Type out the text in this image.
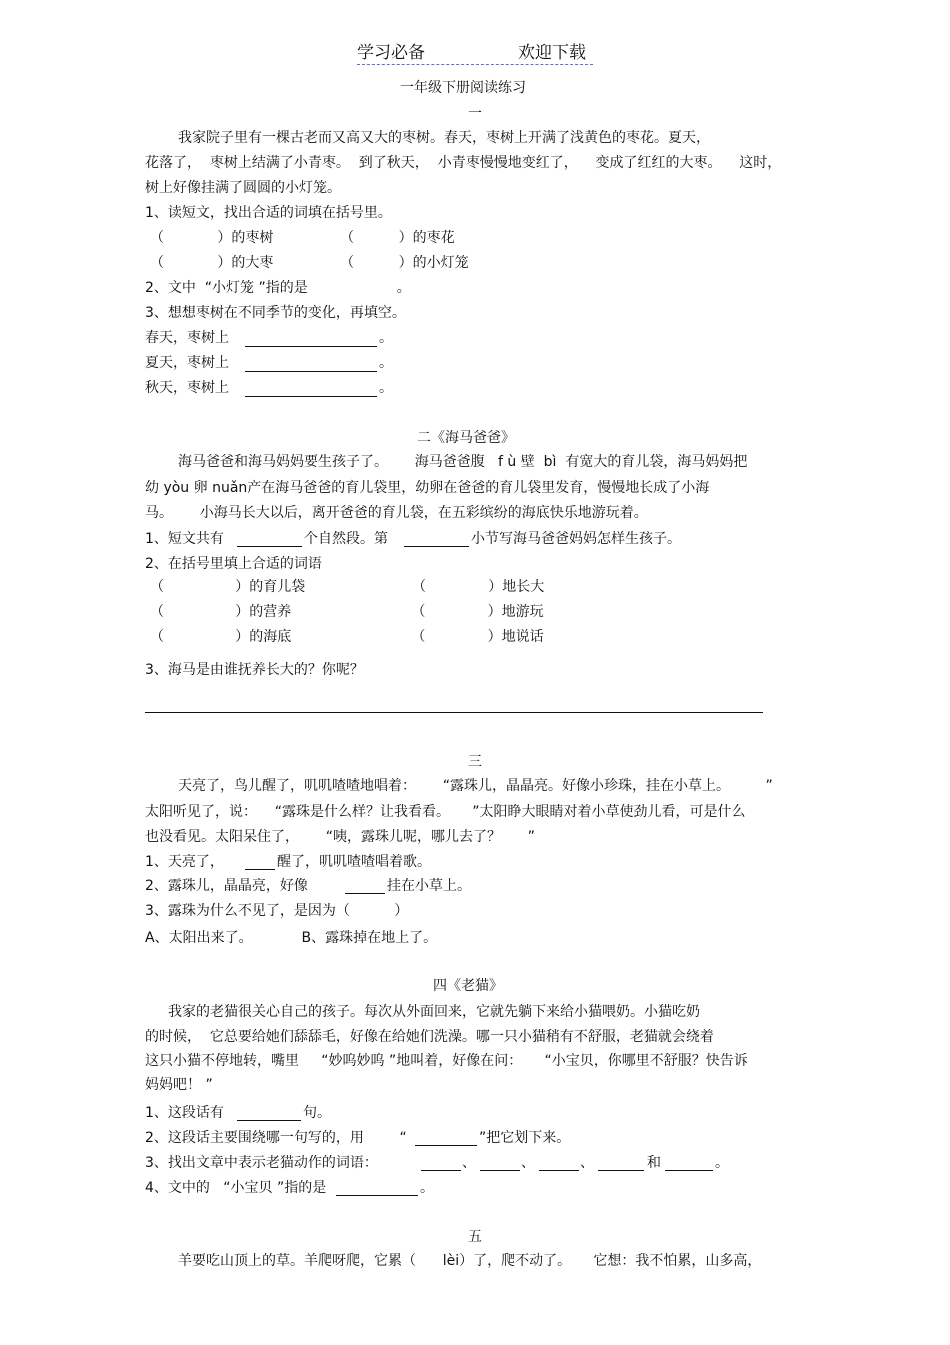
学习必备	欢迎下载
一年级下册阅读练习
一
我家院子里有一棵古老而又高又大的枣树。春天，枣树上开满了浅黄色的枣花。夏天，
花落了，  枣树上结满了小青枣。  到了秋天，  小青枣慢慢地变红了，    变成了红红的大枣。    这时，
树上好像挂满了圆圆的小灯笼。
1、读短文，找出合适的词填在括号里。
（            ）的枣树               （          ）的枣花
（            ）的大枣               （          ）的小灯笼
2、文中  “小灯笼 ”指的是                    。
3、想想枣树在不同季节的变化，再填空。
春天，枣树上	。
夏天，枣树上	。
秋天，枣树上	。
二《海马爸爸》
海马爸爸和海马妈妈要生孩子了。      海马爸爸腹   f ù 壁  bì  有宽大的育儿袋，海马妈妈把
幼 yòu 卵 nuǎn产在海马爸爸的育儿袋里，幼卵在爸爸的育儿袋里发育，慢慢地长成了小海
马。      小海马长大以后，离开爸爸的育儿袋，在五彩缤纷的海底快乐地游玩着。
1、短文共有	个自然段。第	小节写海马爸爸妈妈怎样生孩子。
2、在括号里填上合适的词语
（                ）的育儿袋                        （              ）地长大
（                ）的营养                           （              ）地游玩
（                ）的海底                           （              ）地说话
3、海马是由谁抚养长大的？你呢？
三
天亮了，鸟儿醒了，叽叽喳喳地唱着：      “露珠儿，晶晶亮。好像小珍珠，挂在小草上。        ”
太阳听见了，说：    “露珠是什么样？让我看看。     ”太阳睁大眼睛对着小草使劲儿看，可是什么
也没看见。太阳呆住了，      “咦，露珠儿呢，哪儿去了？      ”
1、天亮了，	醒了，叽叽喳喳唱着歌。
2、露珠儿，晶晶亮，好像	挂在小草上。
3、露珠为什么不见了，是因为（          ）
A、太阳出来了。           B、露珠掉在地上了。
四《老猫》
我家的老猫很关心自己的孩子。每次从外面回来，它就先躺下来给小猫喂奶。小猫吃奶
的时候，  它总要给她们舔舔毛，好像在给她们洗澡。哪一只小猫稍有不舒服，老猫就会绕着
这只小猫不停地转，嘴里     “妙呜妙呜 ”地叫着，好像在问：     “小宝贝，你哪里不舒服？快告诉
妈妈吧！ ”
1、这段话有	句。
2、这段话主要围绕哪一句写的，用        “	”把它划下来。
3、找出文章中表示老猫动作的词语：	、	、	、	和	。
4、文中的   “小宝贝 ”指的是	。
五
羊要吃山顶上的草。羊爬呀爬，它累（      lèi）了，爬不动了。     它想：我不怕累，山多高，
